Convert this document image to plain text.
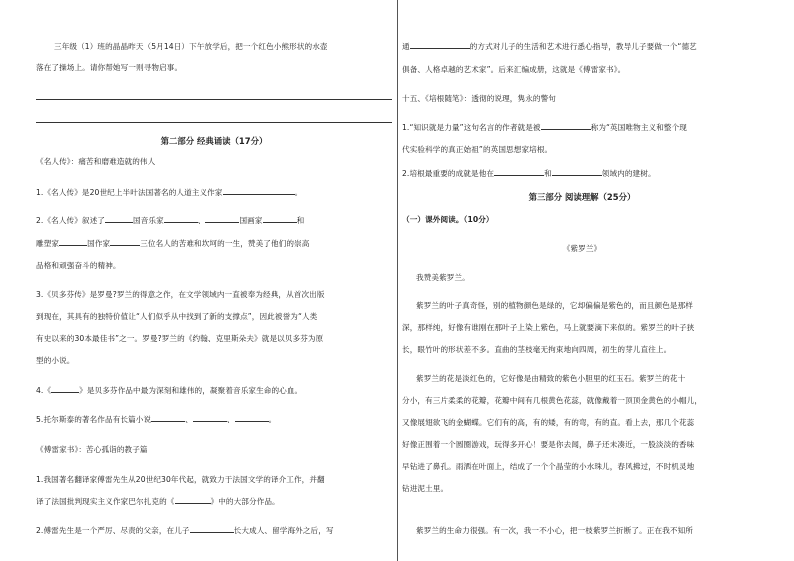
三年级（1）班的晶晶昨天（5月14日）下午放学后，把一个红色小熊形状的水壶
落在了操场上。请你帮她写一则寻物启事。
第二部分 经典诵读（17分）
《名人传》：痛苦和磨难造就的伟人
1.《名人传》是20世纪上半叶法国著名的人道主义作家	。
2.《名人传》叙述了	国音乐家	、	国画家	和
雕塑家	国作家	三位名人的苦难和坎坷的一生，赞美了他们的崇高
品格和顽强奋斗的精神。
3.《贝多芬传》是罗曼?罗兰的得意之作，在文学领域内一直被奉为经典，从首次出版
到现在，其具有的独特价值让“人们似乎从中找到了新的支撑点”，因此被誉为“人类
有史以来的30本最佳书”之一。罗曼?罗兰的《约翰、克里斯朵夫》就是以贝多芬为原
型的小说。
4.《	》是贝多芬作品中最为深刻和雄伟的，凝聚着音乐家生命的心血。
5.托尔斯泰的著名作品有长篇小说	、	、	。
《傅雷家书》：苦心孤诣的教子篇
1.我国著名翻译家傅雷先生从20世纪30年代起，就致力于法国文学的译介工作，并翻
译了法国批判现实主义作家巴尔扎克的《	》中的大部分作品。
2.傅雷先生是一个严厉、尽责的父亲，在儿子	长大成人、留学海外之后，写
通	的方式对儿子的生活和艺术进行悉心指导，教导儿子要做一个“德艺
俱备、人格卓越的艺术家”。后来汇编成册，这就是《傅雷家书》。
十五、《培根随笔》：透彻的说理，隽永的警句
1.“知识就是力量”这句名言的作者就是被	称为“英国唯物主义和整个现
代实验科学的真正始祖”的英国思想家培根。
2.培根最重要的成就是他在	和	领域内的建树。
第三部分 阅读理解（25分）
（一）课外阅读。（10分）
《紫罗兰》
我赞美紫罗兰。
紫罗兰的叶子真奇怪，别的植物颜色是绿的，它却偏偏是紫色的，而且颜色是那样
深，那样纯，好像有谁刚在那叶子上染上紫色，马上就要滴下来似的。紫罗兰的叶子狭
长，眼竹叶的形状差不多。直曲的茎枝毫无拘束地向四周，初生的芽儿直往上。
紫罗兰的花是淡红色的，它好像是由精致的紫色小胆里的红玉石。紫罗兰的花十
分小，有三片柔柔的花瓣，花瓣中间有几根黄色花蕊，就像戴着一顶顶金黄色的小帽儿，
又像展翅欲飞的金蝴蝶。它们有的高，有的矮，有的弯，有的直。看上去，那几个花蕊
好像正围着一个圆圈游戏，玩得多开心！要是你去闻，鼻子还未凑近，一股淡淡的香味
早钻进了鼻孔。雨洒在叶面上，结成了一个个晶莹的小水珠儿，春风拂过，不时机灵地
钻进泥土里。
紫罗兰的生命力很强。有一次，我一不小心，把一枝紫罗兰折断了。正在我不知所
